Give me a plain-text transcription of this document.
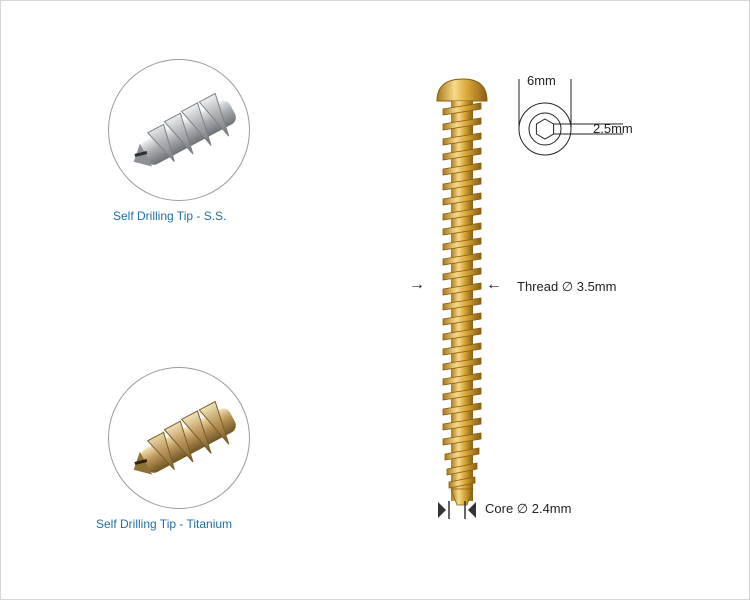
Self Drilling Tip - S.S.
Self Drilling Tip - Titanium
6mm
2.5mm
→	← Thread ∅ 3.5mm
Core ∅ 2.4mm
